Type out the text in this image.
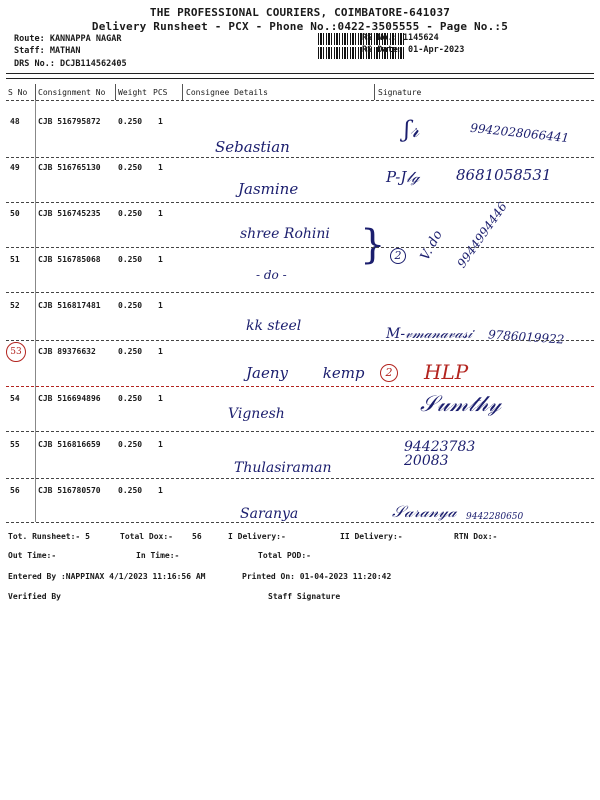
THE PROFESSIONAL COURIERS, COIMBATORE-641037
Delivery Runsheet - PCX - Phone No.:0422-3505555 - Page No.:5
Route: KANNAPPA NAGAR
Staff: MATHAN
DRS No.: DCJB114562405
RS No.: 1145624
RS Date: 01-Apr-2023
S No Consignment No Weight PCS Consignee Details	Signature
48 CJB 516795872 0.250 1
Sebastian
9942028066441
ʃ𝓇
49 CJB 516765130 0.250 1
Jasmine
P-J𝓁ℊ 8681058531
50 CJB 516745235 0.250 1
shree Rohini } 2	V. do 9944994446
51 CJB 516785068 0.250 1
- do -
52 CJB 516817481 0.250 1
kk steel	M-𝓋𝓂𝒶𝓃𝒶𝓋𝒶𝓈𝒾 9786019922
53	CJB 89376632	0.250 1
Jaeny kemp	2 HLP
54 CJB 516694896 0.250 1
Vignesh	𝒮𝓊𝓂𝓉𝒽𝓎
55 CJB 516816659 0.250 1
Thulasiraman
94423783 20083
56 CJB 516780570 0.250 1
Saranya	𝒮𝒶𝓇𝒶𝓃𝓎𝒶 9442280650
Tot. Runsheet:- 5	Total Dox:- 56	I Delivery:-	II Delivery:-	RTN Dox:-
Out Time:-	In Time:-	Total POD:-
Entered By :NAPPINAX 4/1/2023 11:16:56 AM	Printed On: 01-04-2023 11:20:42
Verified By	Staff Signature
